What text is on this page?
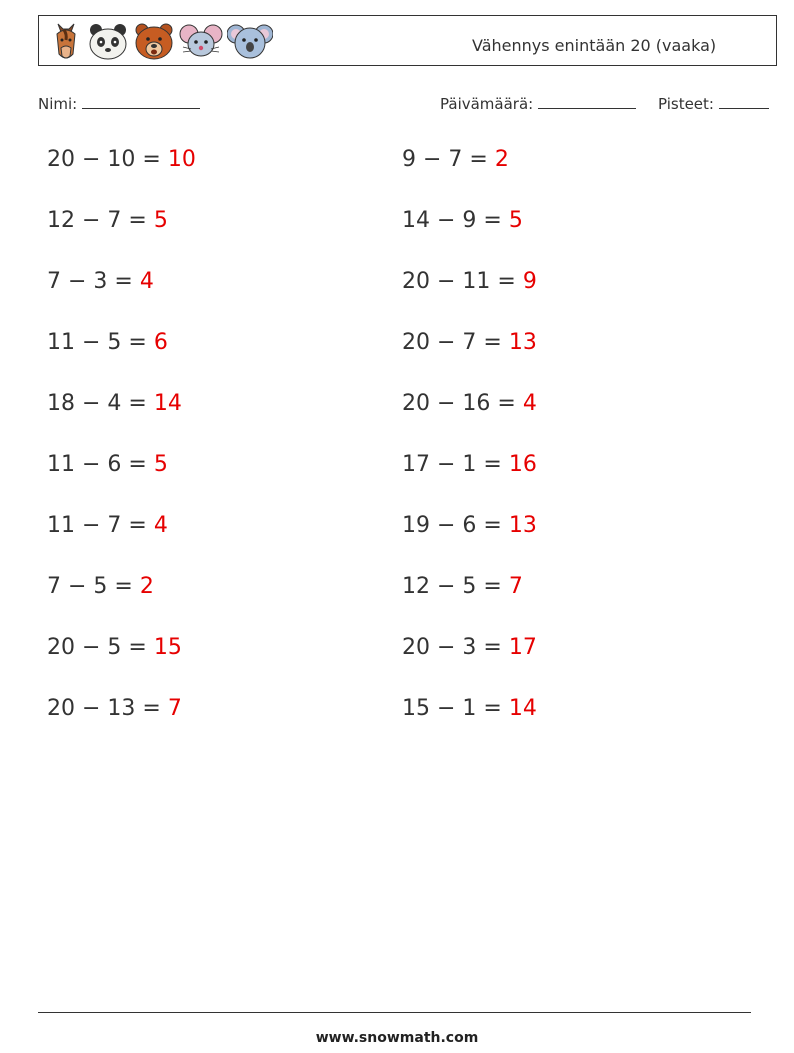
Vähennys enintään 20 (vaaka)
Nimi:	Päivämäärä:	Pisteet:
20 − 10 = 10
12 − 7 = 5
7 − 3 = 4
11 − 5 = 6
18 − 4 = 14
11 − 6 = 5
11 − 7 = 4
7 − 5 = 2
20 − 5 = 15
20 − 13 = 7
9 − 7 = 2
14 − 9 = 5
20 − 11 = 9
20 − 7 = 13
20 − 16 = 4
17 − 1 = 16
19 − 6 = 13
12 − 5 = 7
20 − 3 = 17
15 − 1 = 14
www.snowmath.com
